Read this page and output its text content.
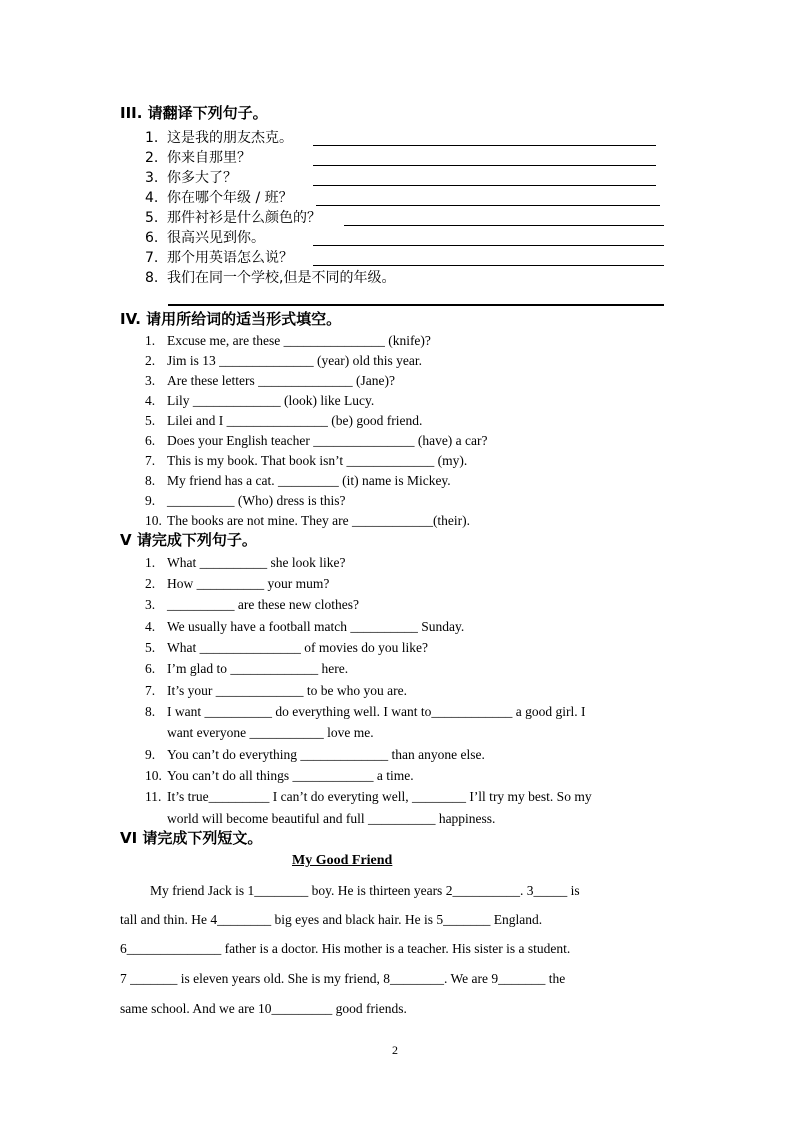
III. 请翻译下列句子。
1. 这是我的朋友杰克。
2. 你来自那里？
3. 你多大了？
4. 你在哪个年级 / 班？
5. 那件衬衫是什么颜色的？
6. 很高兴见到你。
7. 那个用英语怎么说？
8. 我们在同一个学校,但是不同的年级。
IV. 请用所给词的适当形式填空。
1. Excuse me, are these _______________ (knife)?
2. Jim is 13 ______________ (year) old this year.
3. Are these letters ______________ (Jane)?
4. Lily _____________ (look) like Lucy.
5. Lilei and I _______________ (be) good friend.
6. Does your English teacher _______________ (have) a car?
7. This is my book. That book isn’t _____________ (my).
8. My friend has a cat. _________ (it) name is Mickey.
9. __________ (Who) dress is this?
10. The books are not mine. They are ____________(their).
V 请完成下列句子。
1. What __________ she look like?
2. How __________ your mum?
3. __________ are these new clothes?
4. We usually have a football match __________ Sunday.
5. What _______________ of movies do you like?
6. I’m glad to _____________ here.
7. It’s your _____________ to be who you are.
8. I want __________ do everything well. I want to____________ a good girl. I
want everyone ___________ love me.
9. You can’t do everything _____________ than anyone else.
10. You can’t do all things ____________ a time.
11. It’s true_________ I can’t do everyting well, ________ I’ll try my best. So my
world will become beautiful and full __________ happiness.
VI 请完成下列短文。
My Good Friend
My friend Jack is 1________ boy. He is thirteen years 2__________. 3_____ is
tall and thin. He 4________ big eyes and black hair. He is 5_______ England.
6______________ father is a doctor. His mother is a teacher. His sister is a student.
7 _______ is eleven years old. She is my friend, 8________. We are 9_______ the
same school. And we are 10_________ good friends.
2
